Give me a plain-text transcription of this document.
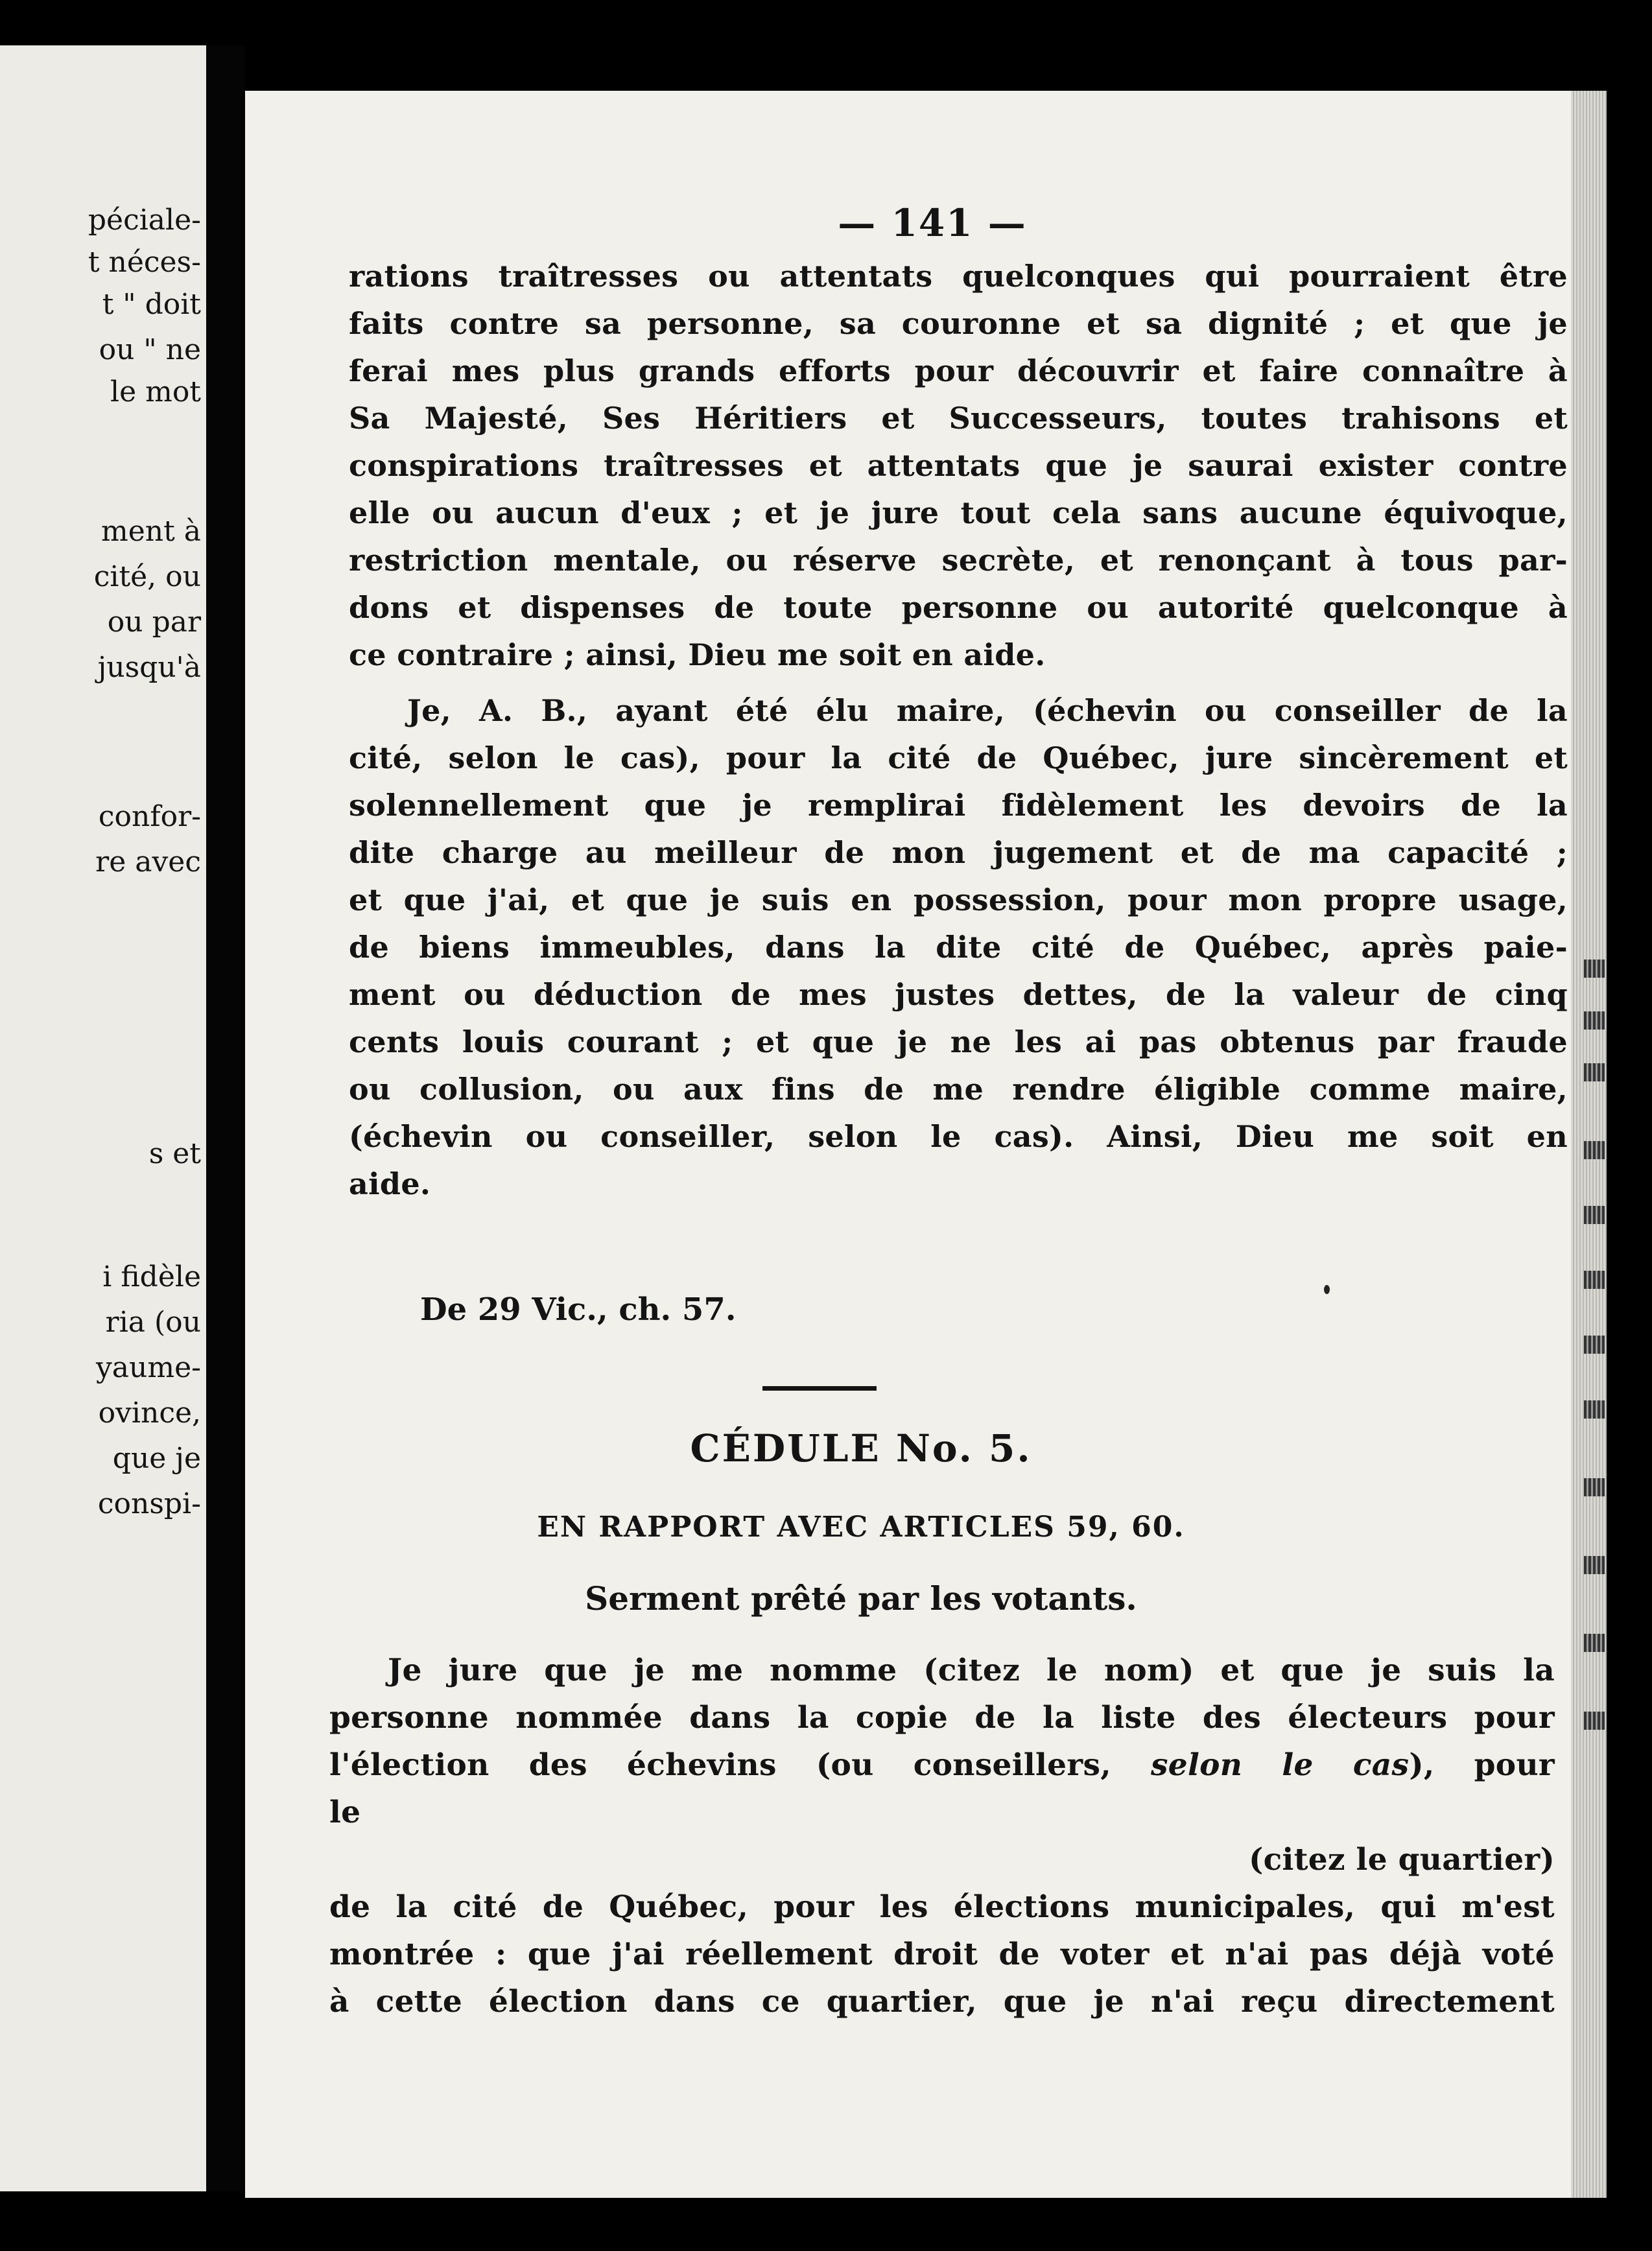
péciale-
t néces-
t " doit
ou " ne
le mot
ment à
cité, ou
ou par
jusqu'à
confor-
re avec
s et
i fidèle
ria (ou
yaume-
ovince,
que je
conspi-
— 141 —
rations traîtresses ou attentats quelconques qui pourraient être
faits contre sa personne, sa couronne et sa dignité ; et que je
ferai mes plus grands efforts pour découvrir et faire connaître à
Sa Majesté, Ses Héritiers et Successeurs, toutes trahisons et
conspirations traîtresses et attentats que je saurai exister contre
elle ou aucun d'eux ; et je jure tout cela sans aucune équivoque,
restriction mentale, ou réserve secrète, et renonçant à tous par-
dons et dispenses de toute personne ou autorité quelconque à
ce contraire ; ainsi, Dieu me soit en aide.
Je, A. B., ayant été élu maire, (échevin ou conseiller de la
cité, selon le cas), pour la cité de Québec, jure sincèrement et
solennellement que je remplirai fidèlement les devoirs de la
dite charge au meilleur de mon jugement et de ma capacité ;
et que j'ai, et que je suis en possession, pour mon propre usage,
de biens immeubles, dans la dite cité de Québec, après paie-
ment ou déduction de mes justes dettes, de la valeur de cinq
cents louis courant ; et que je ne les ai pas obtenus par fraude
ou collusion, ou aux fins de me rendre éligible comme maire,
(échevin ou conseiller, selon le cas). Ainsi, Dieu me soit en
aide.
De 29 Vic., ch. 57.
CÉDULE No. 5.
EN RAPPORT AVEC ARTICLES 59, 60.
Serment prêté par les votants.
Je jure que je me nomme (citez le nom) et que je suis la
personne nommée dans la copie de la liste des électeurs pour
l'élection des échevins (ou conseillers, selon le cas), pour
le
(citez le quartier)
de la cité de Québec, pour les élections municipales, qui m'est
montrée : que j'ai réellement droit de voter et n'ai pas déjà voté
à cette élection dans ce quartier, que je n'ai reçu directement
